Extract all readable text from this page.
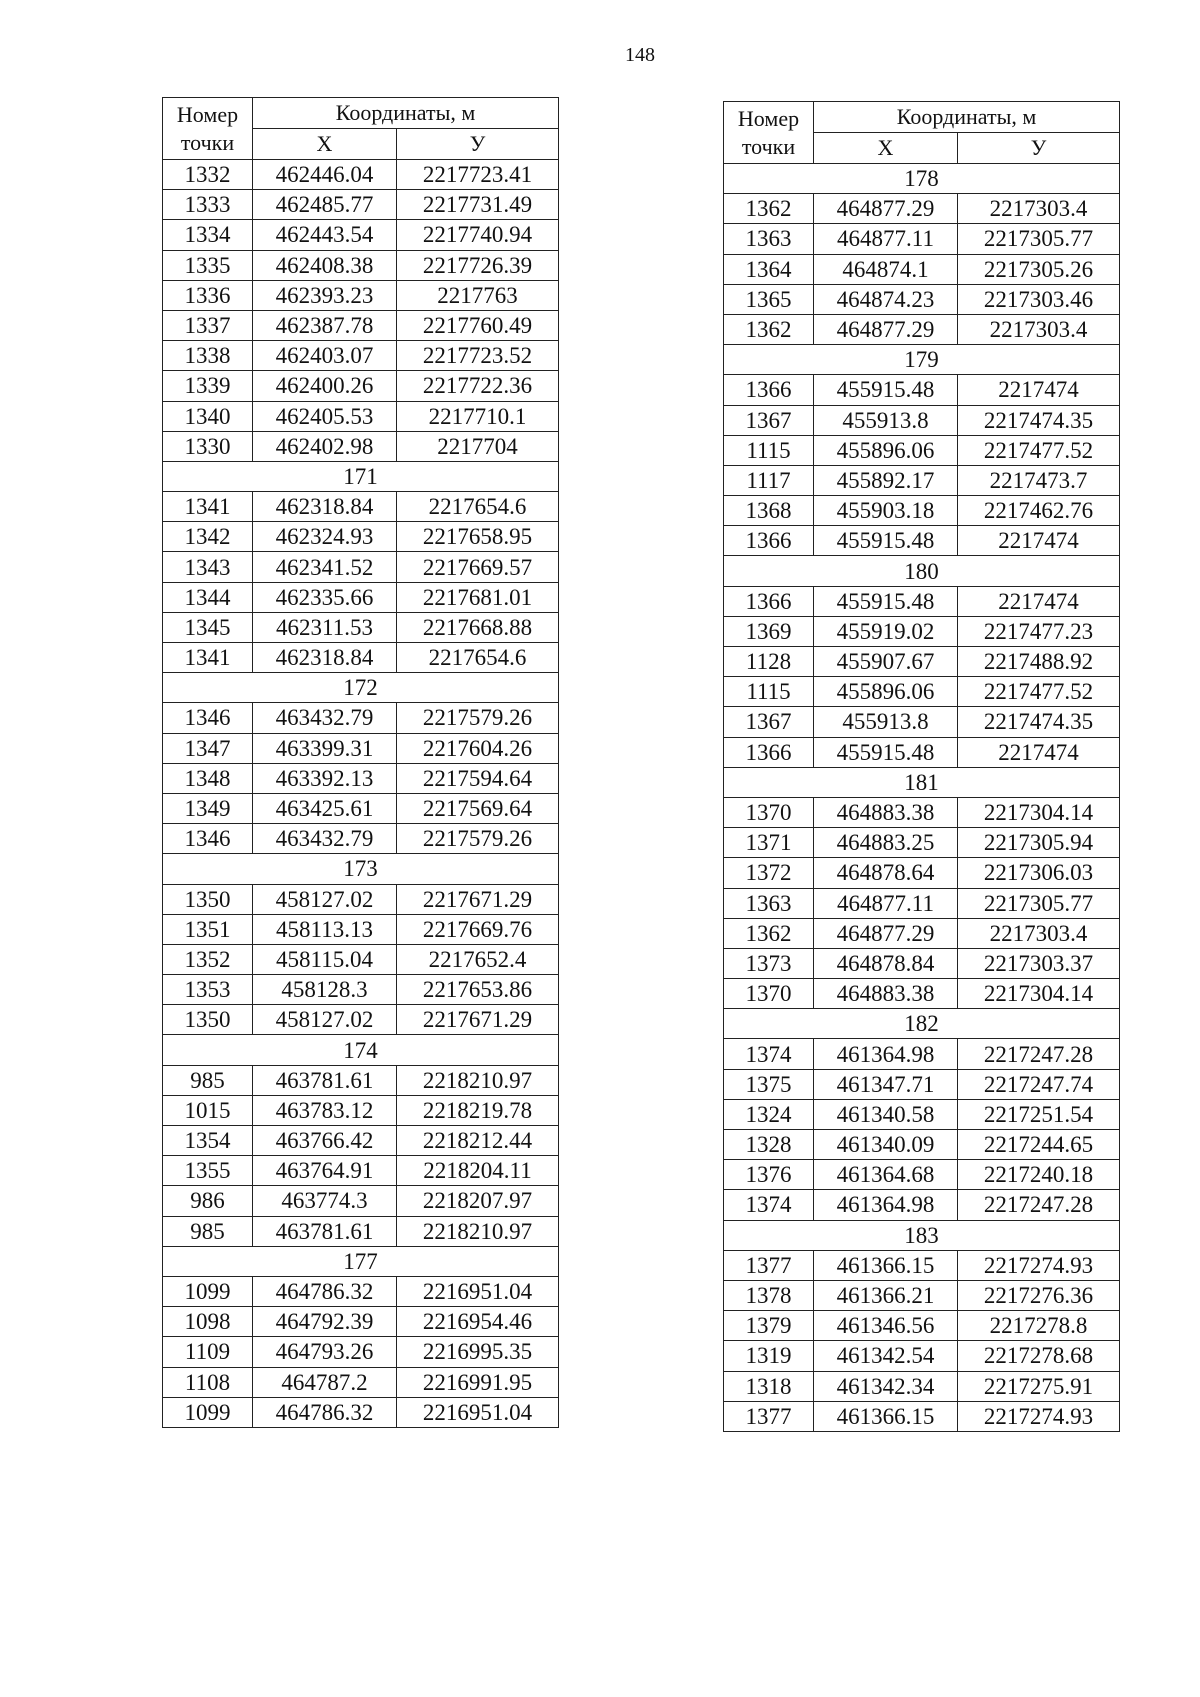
148
Номер
точки	Координаты, м	
	X	У
1332	462446.04	2217723.41
1333	462485.77	2217731.49
1334	462443.54	2217740.94
1335	462408.38	2217726.39
1336	462393.23	2217763
1337	462387.78	2217760.49
1338	462403.07	2217723.52
1339	462400.26	2217722.36
1340	462405.53	2217710.1
1330	462402.98	2217704
171		
1341	462318.84	2217654.6
1342	462324.93	2217658.95
1343	462341.52	2217669.57
1344	462335.66	2217681.01
1345	462311.53	2217668.88
1341	462318.84	2217654.6
172		
1346	463432.79	2217579.26
1347	463399.31	2217604.26
1348	463392.13	2217594.64
1349	463425.61	2217569.64
1346	463432.79	2217579.26
173		
1350	458127.02	2217671.29
1351	458113.13	2217669.76
1352	458115.04	2217652.4
1353	458128.3	2217653.86
1350	458127.02	2217671.29
174		
985	463781.61	2218210.97
1015	463783.12	2218219.78
1354	463766.42	2218212.44
1355	463764.91	2218204.11
986	463774.3	2218207.97
985	463781.61	2218210.97
177		
1099	464786.32	2216951.04
1098	464792.39	2216954.46
1109	464793.26	2216995.35
1108	464787.2	2216991.95
1099	464786.32	2216951.04
Номер
точки	Координаты, м	
	X	У
178		
1362	464877.29	2217303.4
1363	464877.11	2217305.77
1364	464874.1	2217305.26
1365	464874.23	2217303.46
1362	464877.29	2217303.4
179		
1366	455915.48	2217474
1367	455913.8	2217474.35
1115	455896.06	2217477.52
1117	455892.17	2217473.7
1368	455903.18	2217462.76
1366	455915.48	2217474
180		
1366	455915.48	2217474
1369	455919.02	2217477.23
1128	455907.67	2217488.92
1115	455896.06	2217477.52
1367	455913.8	2217474.35
1366	455915.48	2217474
181		
1370	464883.38	2217304.14
1371	464883.25	2217305.94
1372	464878.64	2217306.03
1363	464877.11	2217305.77
1362	464877.29	2217303.4
1373	464878.84	2217303.37
1370	464883.38	2217304.14
182		
1374	461364.98	2217247.28
1375	461347.71	2217247.74
1324	461340.58	2217251.54
1328	461340.09	2217244.65
1376	461364.68	2217240.18
1374	461364.98	2217247.28
183		
1377	461366.15	2217274.93
1378	461366.21	2217276.36
1379	461346.56	2217278.8
1319	461342.54	2217278.68
1318	461342.34	2217275.91
1377	461366.15	2217274.93
